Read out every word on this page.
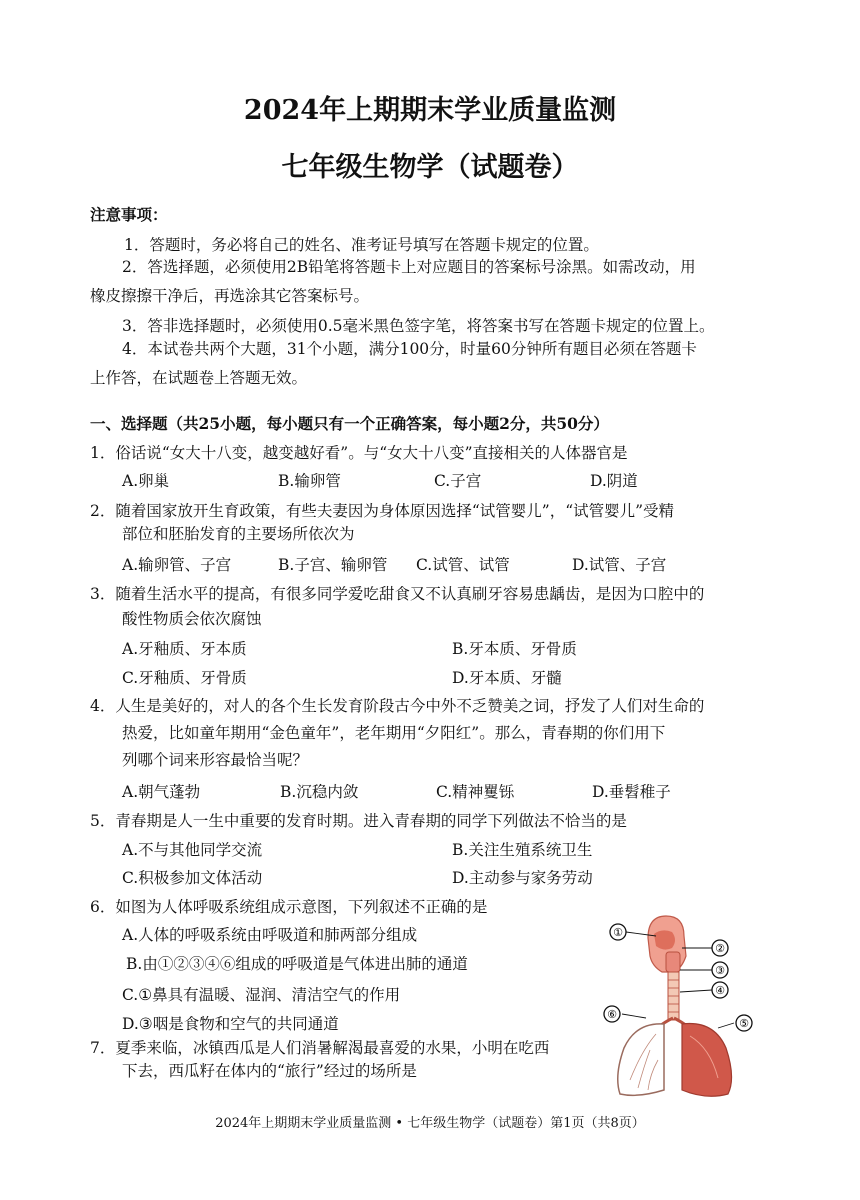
2024年上期期末学业质量监测
七年级生物学（试题卷）
注意事项：
1．答题时，务必将自己的姓名、准考证号填写在答题卡规定的位置。
2．答选择题，必须使用2B铅笔将答题卡上对应题目的答案标号涂黑。如需改动，用
橡皮擦擦干净后，再选涂其它答案标号。
3．答非选择题时，必须使用0.5毫米黑色签字笔，将答案书写在答题卡规定的位置上。
4．本试卷共两个大题，31个小题，满分100分，时量60分钟所有题目必须在答题卡
上作答，在试题卷上答题无效。
一、选择题（共25小题，每小题只有一个正确答案，每小题2分，共50分）
1．俗话说“女大十八变，越变越好看”。与“女大十八变”直接相关的人体器官是
A.卵巢	B.输卵管	C.子宫	D.阴道
2．随着国家放开生育政策，有些夫妻因为身体原因选择“试管婴儿”，“试管婴儿”受精
部位和胚胎发育的主要场所依次为
A.输卵管、子宫	B.子宫、输卵管 C.试管、试管	D.试管、子宫
3．随着生活水平的提高，有很多同学爱吃甜食又不认真刷牙容易患龋齿，是因为口腔中的
酸性物质会依次腐蚀
A.牙釉质、牙本质	B.牙本质、牙骨质
C.牙釉质、牙骨质	D.牙本质、牙髓
4．人生是美好的，对人的各个生长发育阶段古今中外不乏赞美之词，抒发了人们对生命的
热爱，比如童年期用“金色童年”，老年期用“夕阳红”。那么，青春期的你们用下
列哪个词来形容最恰当呢？
A.朝气蓬勃	B.沉稳内敛	C.精神矍铄	D.垂髫稚子
5．青春期是人一生中重要的发育时期。进入青春期的同学下列做法不恰当的是
A.不与其他同学交流	B.关注生殖系统卫生
C.积极参加文体活动	D.主动参与家务劳动
6．如图为人体呼吸系统组成示意图，下列叙述不正确的是
A.人体的呼吸系统由呼吸道和肺两部分组成
B.由①②③④⑥组成的呼吸道是气体进出肺的通道
C.①鼻具有温暖、湿润、清洁空气的作用
D.③咽是食物和空气的共同通道
7．夏季来临，冰镇西瓜是人们消暑解渴最喜爱的水果，小明在吃西
下去，西瓜籽在体内的“旅行”经过的场所是
①
②
③
④
⑤
⑥
2024年上期期末学业质量监测 • 七年级生物学（试题卷）第1页（共8页）
